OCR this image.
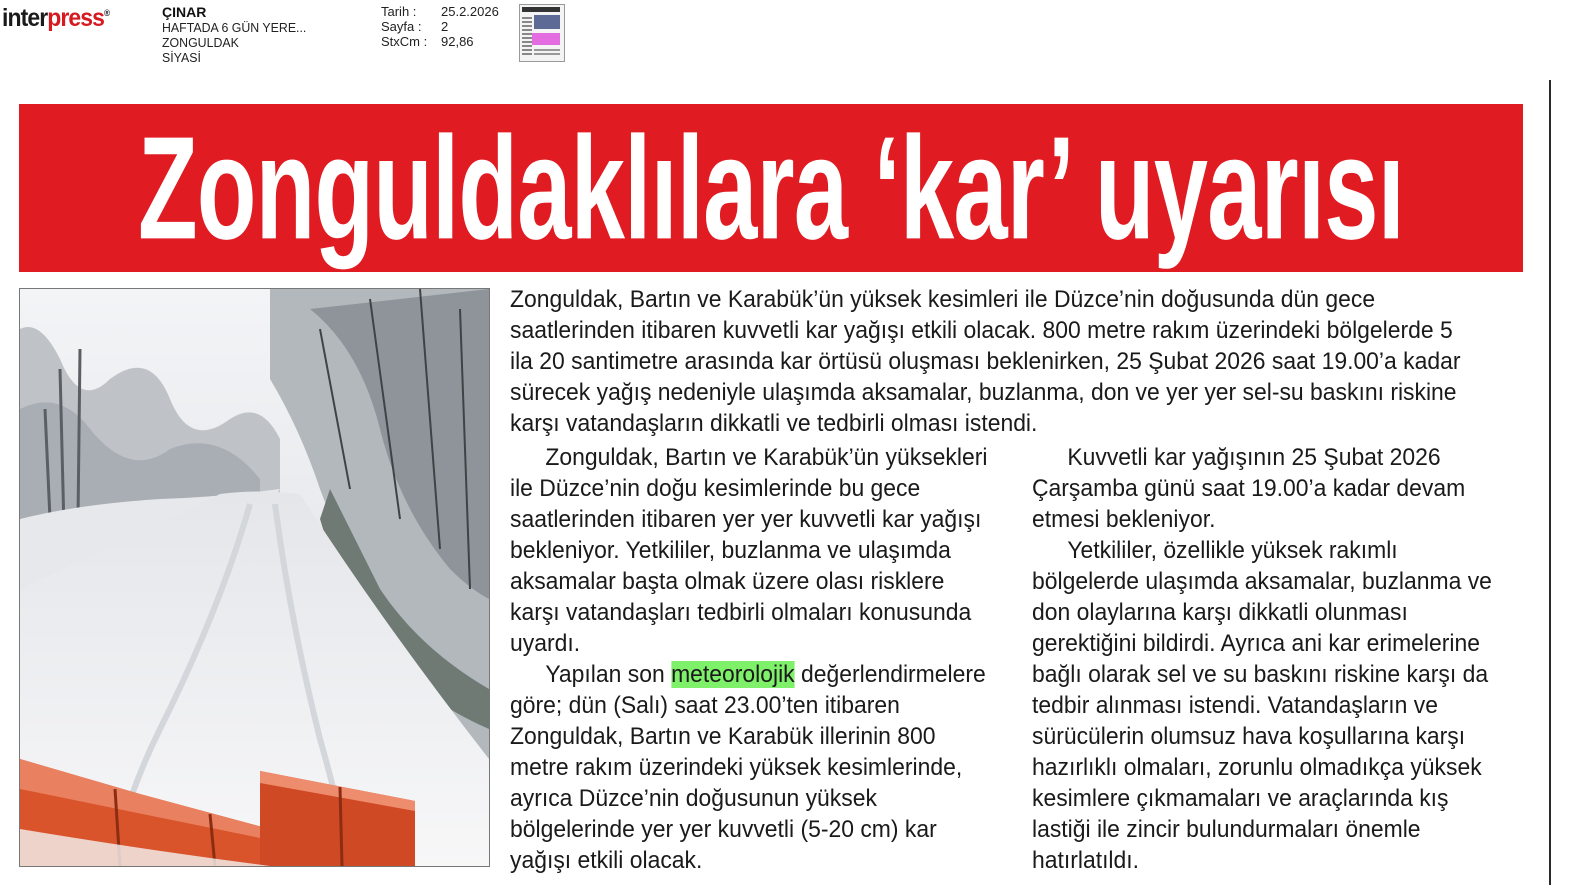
interpress®	ÇINAR
HAFTADA 6 GÜN YERE...
ZONGULDAK
SİYASİ
Tarih :	25.2.2026
Sayfa :	2
StxCm :	92,86
Zonguldaklılara ‘kar’ uyarısı

Zonguldak, Bartın ve Karabük’ün yüksek kesimleri ile Düzce’nin doğusunda dün gece saatlerinden itibaren kuvvetli kar yağışı etkili olacak. 800 metre rakım üzerindeki bölgelerde 5 ila 20 santimetre arasında kar örtüsü oluşması beklenirken, 25 Şubat 2026 saat 19.00’a kadar sürecek yağış nedeniyle ulaşımda aksamalar, buzlanma, don ve yer yer sel-su baskını riskine karşı vatandaşların dikkatli ve tedbirli olması istendi.

Zonguldak, Bartın ve Karabük’ün yüksekleri ile Düzce’nin doğu kesimlerinde bu gece saatlerinden itibaren yer yer kuvvetli kar yağışı bekleniyor. Yetkililer, buzlanma ve ulaşımda aksamalar başta olmak üzere olası risklere karşı vatandaşları tedbirli olmaları konusunda uyardı.

Yapılan son meteorolojik değerlendirmelere göre; dün (Salı) saat 23.00’ten itibaren Zonguldak, Bartın ve Karabük illerinin 800 metre rakım üzerindeki yüksek kesimlerinde, ayrıca Düzce’nin doğusunun yüksek bölgelerinde yer yer kuvvetli (5-20 cm) kar yağışı etkili olacak.

Kuvvetli kar yağışının 25 Şubat 2026 Çarşamba günü saat 19.00’a kadar devam etmesi bekleniyor.

Yetkililer, özellikle yüksek rakımlı bölgelerde ulaşımda aksamalar, buzlanma ve don olaylarına karşı dikkatli olunması gerektiğini bildirdi. Ayrıca ani kar erimelerine bağlı olarak sel ve su baskını riskine karşı da tedbir alınması istendi. Vatandaşların ve sürücülerin olumsuz hava koşullarına karşı hazırlıklı olmaları, zorunlu olmadıkça yüksek kesimlere çıkmamaları ve araçlarında kış lastiği ile zincir bulundurmaları önemle hatırlatıldı.
